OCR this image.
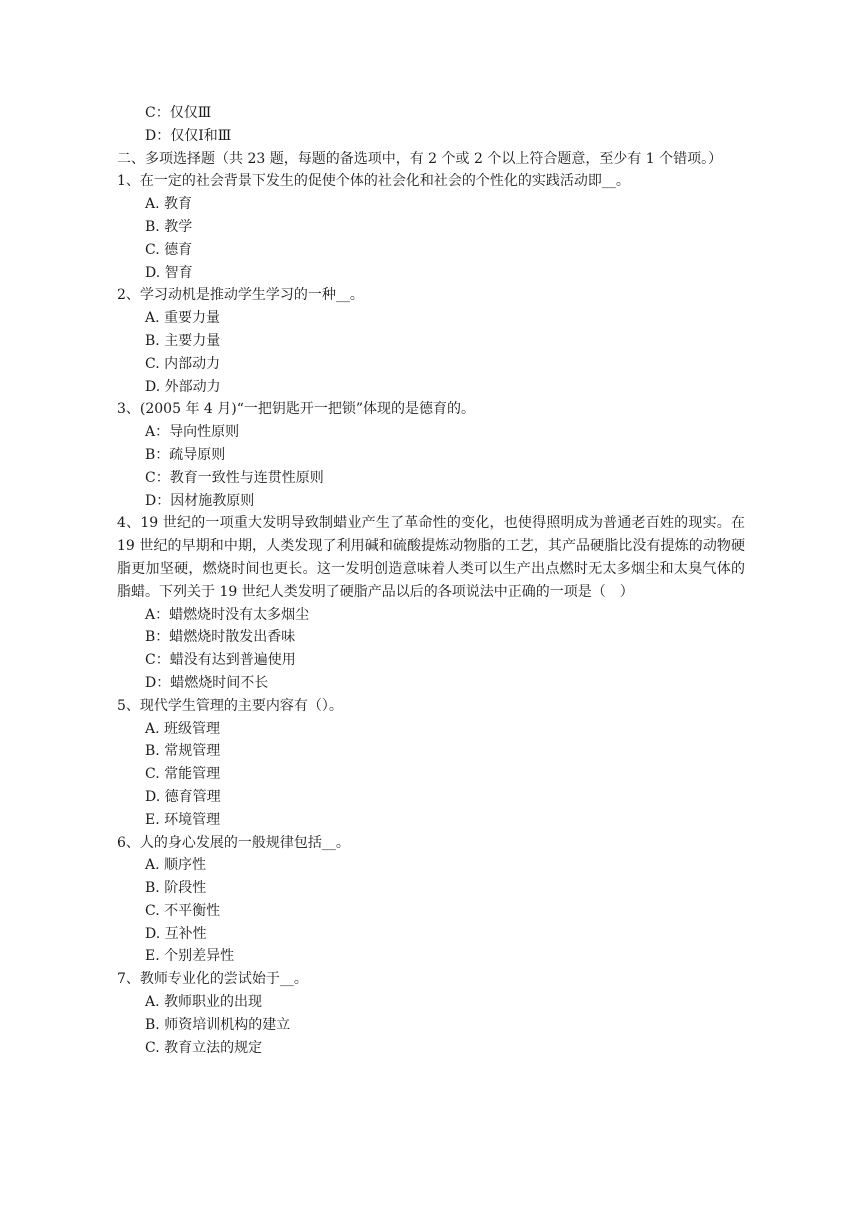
C：仅仅Ⅲ

D：仅仅Ⅰ和Ⅲ

二、多项选择题（共 23 题，每题的备选项中，有 2 个或 2 个以上符合题意，至少有 1 个错项。）

1、在一定的社会背景下发生的促使个体的社会化和社会的个性化的实践活动即__。

A. 教育

B. 教学

C. 德育

D. 智育

2、学习动机是推动学生学习的一种__。

A. 重要力量

B. 主要力量

C. 内部动力

D. 外部动力

3、(2005 年 4 月)“一把钥匙开一把锁”体现的是德育的。

A：导向性原则

B：疏导原则

C：教育一致性与连贯性原则

D：因材施教原则

4、19 世纪的一项重大发明导致制蜡业产生了革命性的变化，也使得照明成为普通老百姓的现实。在 19 世纪的早期和中期，人类发现了利用碱和硫酸提炼动物脂的工艺，其产品硬脂比没有提炼的动物硬脂更加坚硬，燃烧时间也更长。这一发明创造意味着人类可以生产出点燃时无太多烟尘和太臭气体的脂蜡。下列关于 19 世纪人类发明了硬脂产品以后的各项说法中正确的一项是（　）

A：蜡燃烧时没有太多烟尘

B：蜡燃烧时散发出香味

C：蜡没有达到普遍使用

D：蜡燃烧时间不长

5、现代学生管理的主要内容有（）。

A. 班级管理

B. 常规管理

C. 常能管理

D. 德育管理

E. 环境管理

6、人的身心发展的一般规律包括__。

A. 顺序性

B. 阶段性

C. 不平衡性

D. 互补性

E. 个别差异性

7、教师专业化的尝试始于__。

A. 教师职业的出现

B. 师资培训机构的建立

C. 教育立法的规定
